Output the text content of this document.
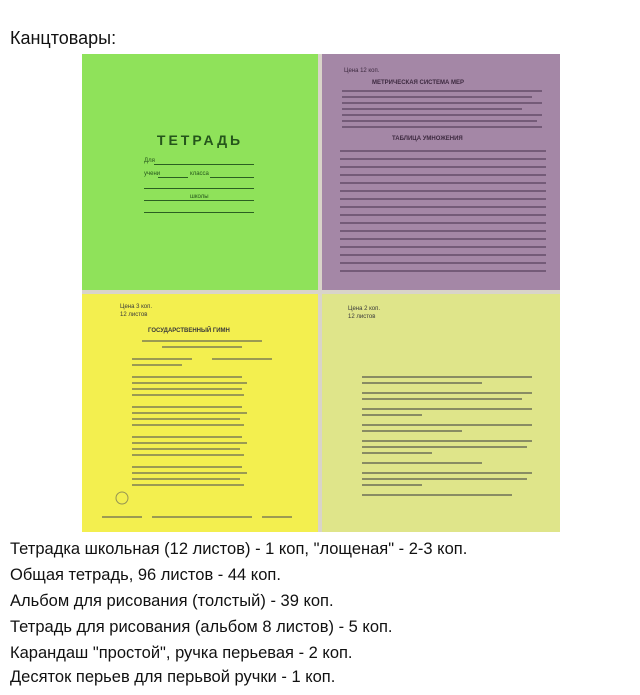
Канцтовары:
ТЕТРАДЬ
Для
учени	класса
школы
Цена 12 коп.
МЕТРИЧЕСКАЯ СИСТЕМА МЕР
ТАБЛИЦА УМНОЖЕНИЯ
Цена 3 коп.
12 листов
ГОСУДАРСТВЕННЫЙ ГИМН
Цена 2 коп.
12 листов
Тетрадка школьная (12 листов) - 1 коп, "лощеная" - 2-3 коп.
Общая тетрадь, 96 листов - 44 коп.
Альбом для рисования (толстый) - 39 коп.
Тетрадь для рисования (альбом 8 листов) - 5 коп.
Карандаш "простой", ручка перьевая - 2 коп.
Десяток перьев для перьвой ручки - 1 коп.
